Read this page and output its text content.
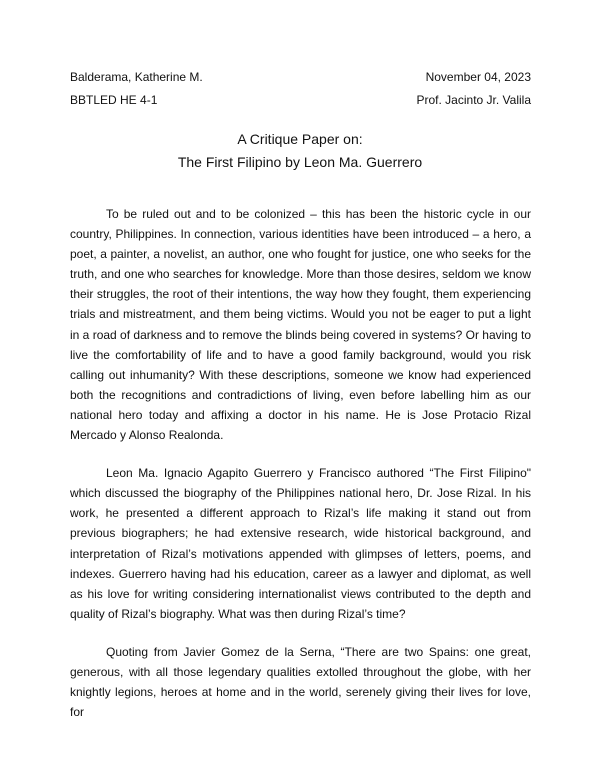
Balderama, Katherine M.	November 04, 2023
BBTLED HE 4-1	Prof. Jacinto Jr. Valila
A Critique Paper on:
The First Filipino by Leon Ma. Guerrero

To be ruled out and to be colonized – this has been the historic cycle in our country, Philippines. In connection, various identities have been introduced – a hero, a poet, a painter, a novelist, an author, one who fought for justice, one who seeks for the truth, and one who searches for knowledge. More than those desires, seldom we know their struggles, the root of their intentions, the way how they fought, them experiencing trials and mistreatment, and them being victims. Would you not be eager to put a light in a road of darkness and to remove the blinds being covered in systems? Or having to live the comfortability of life and to have a good family background, would you risk calling out inhumanity? With these descriptions, someone we know had experienced both the recognitions and contradictions of living, even before labelling him as our national hero today and affixing a doctor in his name. He is Jose Protacio Rizal Mercado y Alonso Realonda.

Leon Ma. Ignacio Agapito Guerrero y Francisco authored “The First Filipino" which discussed the biography of the Philippines national hero, Dr. Jose Rizal. In his work, he presented a different approach to Rizal’s life making it stand out from previous biographers; he had extensive research, wide historical background, and interpretation of Rizal’s motivations appended with glimpses of letters, poems, and indexes. Guerrero having had his education, career as a lawyer and diplomat, as well as his love for writing considering internationalist views contributed to the depth and quality of Rizal’s biography. What was then during Rizal’s time?

Quoting from Javier Gomez de la Serna, “There are two Spains: one great, generous, with all those legendary qualities extolled throughout the globe, with her knightly legions, heroes at home and in the world, serenely giving their lives for love, for
